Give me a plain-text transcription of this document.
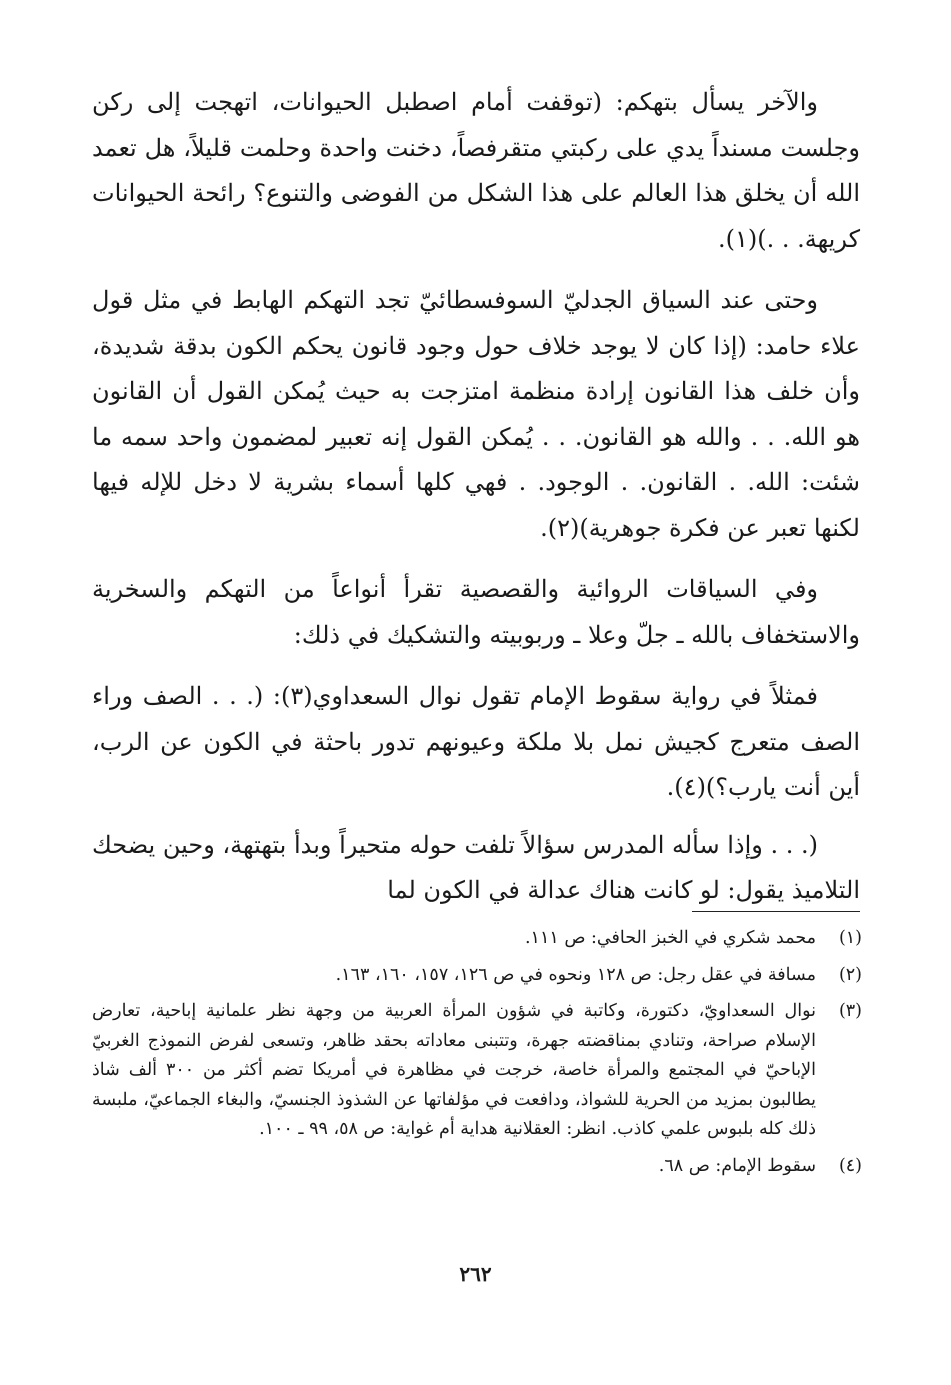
والآخر يسأل بتهكم: (توقفت أمام اصطبل الحيوانات، اتهجت إلى ركن وجلست مسنداً يدي على ركبتي متقرفصاً، دخنت واحدة وحلمت قليلاً، هل تعمد الله أن يخلق هذا العالم على هذا الشكل من الفوضى والتنوع؟ رائحة الحيوانات كريهة. . .)(١).

وحتى عند السياق الجدليّ السوفسطائيّ تجد التهكم الهابط في مثل قول علاء حامد: (إذا كان لا يوجد خلاف حول وجود قانون يحكم الكون بدقة شديدة، وأن خلف هذا القانون إرادة منظمة امتزجت به حيث يُمكن القول أن القانون هو الله. . . والله هو القانون. . . يُمكن القول إنه تعبير لمضمون واحد سمه ما شئت: الله. . القانون. . الوجود. . فهي كلها أسماء بشرية لا دخل للإله فيها لكنها تعبر عن فكرة جوهرية)(٢).

وفي السياقات الروائية والقصصية تقرأ أنواعاً من التهكم والسخرية والاستخفاف بالله ـ جلّ وعلا ـ وربوبيته والتشكيك في ذلك:

فمثلاً في رواية سقوط الإمام تقول نوال السعداوي(٣): (. . . الصف وراء الصف متعرج كجيش نمل بلا ملكة وعيونهم تدور باحثة في الكون عن الرب، أين أنت يارب؟)(٤).

(. . . وإذا سأله المدرس سؤالاً تلفت حوله متحيراً وبدأ بتهتهة، وحين يضحك التلاميذ يقول: لو كانت هناك عدالة في الكون لما

(١)
محمد شكري في الخبز الحافي: ص ١١١.
(٢)
مسافة في عقل رجل: ص ١٢٨ ونحوه في ص ١٢٦، ١٥٧، ١٦٠، ١٦٣.
(٣)
نوال السعداويّ، دكتورة، وكاتبة في شؤون المرأة العربية من وجهة نظر علمانية إباحية، تعارض الإسلام صراحة، وتنادي بمناقضته جهرة، وتتبنى معاداته بحقد ظاهر، وتسعى لفرض النموذج الغربيّ الإباحيّ في المجتمع والمرأة خاصة، خرجت في مظاهرة في أمريكا تضم أكثر من ٣٠٠ ألف شاذ يطالبون بمزيد من الحرية للشواذ، ودافعت في مؤلفاتها عن الشذوذ الجنسيّ، والبغاء الجماعيّ، ملبسة ذلك كله بلبوس علمي كاذب. انظر: العقلانية هداية أم غواية: ص ٥٨، ٩٩ ـ ١٠٠.
(٤)
سقوط الإمام: ص ٦٨.
٢٦٢
